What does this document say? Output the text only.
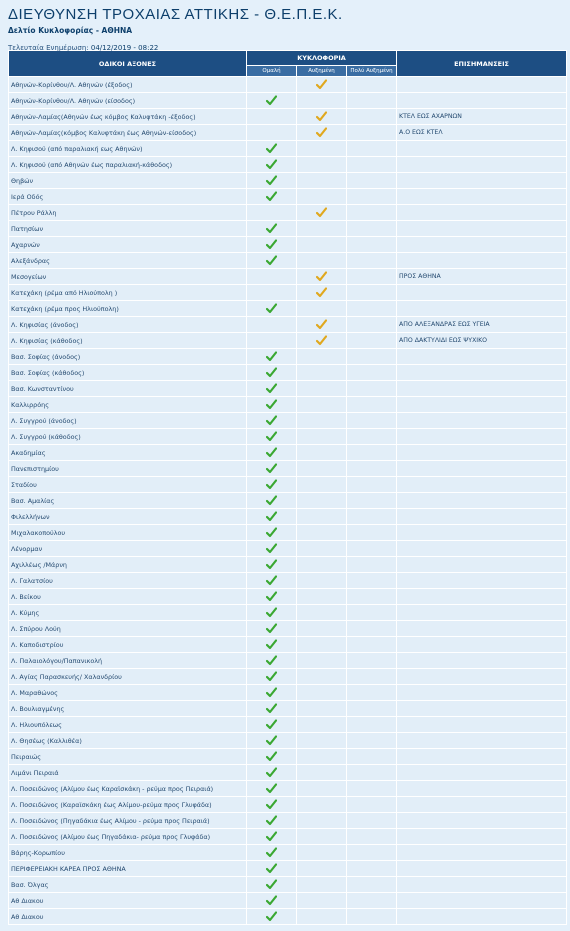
ΔΙΕΥΘΥΝΣΗ ΤΡΟΧΑΙΑΣ ΑΤΤΙΚΗΣ - Θ.Ε.Π.Ε.Κ.
Δελτίο Κυκλοφορίας - ΑΘΗΝΑ
Τελευταία Ενημέρωση: 04/12/2019 - 08:22
ΟΔΙΚΟΙ ΑΞΟΝΕΣ	ΚΥΚΛΟΦΟΡΙΑ			ΕΠΙΣΗΜΑΝΣΕΙΣ
	Ομαλή	Αυξημένη	Πολύ Αυξημένη	
Αθηνών-Κορίνθου/Λ. Αθηνών (έξοδος)				
Αθηνών-Κορίνθου/Λ. Αθηνών (είσοδος)				
Αθηνών-Λαμίας(Αθηνών έως κόμβος Καλυφτάκη -έξοδος)				ΚΤΕΛ ΕΩΣ ΑΧΑΡΝΩΝ
Αθηνών-Λαμίας(κόμβος Καλυφτάκη έως Αθηνών-είσοδος)				Α.Ο ΕΩΣ ΚΤΕΛ
Λ. Κηφισού (από παραλιακή εως Αθηνών)				
Λ. Κηφισού (από Αθηνών έως παραλιακή-κάθοδος)				
Θηβών				
Ιερά Οδός				
Πέτρου Ράλλη				
Πατησίων				
Αχαρνών				
Αλεξάνδρας				
Μεσογείων				ΠΡΟΣ ΑΘΗΝΑ
Κατεχάκη (ρέμα από Ηλιούπολη )				
Κατεχάκη (ρέμα προς Ηλιούπολη)				
Λ. Κηφισίας (άνοδος)				ΑΠΟ ΑΛΕΞΑΝΔΡΑΣ ΕΩΣ ΥΓΕΙΑ
Λ. Κηφισίας (κάθοδος)				ΑΠΟ ΔΑΚΤΥΛΙΔΙ ΕΩΣ ΨΥΧΙΚΟ
Βασ. Σοφίας (άνοδος)				
Βασ. Σοφίας (κάθοδος)				
Βασ. Κωνσταντίνου				
Καλλιρρόης				
Λ. Συγγρού (άνοδος)				
Λ. Συγγρού (κάθοδος)				
Ακαδημίας				
Πανεπιστημίου				
Σταδίου				
Βασ. Αμαλίας				
Φιλελλήνων				
Μιχαλακοπούλου				
Λένορμαν				
Αχιλλέως /Μάρνη				
Λ. Γαλατσίου				
Λ. Βείκου				
Λ. Κύμης				
Λ. Σπύρου Λούη				
Λ. Καποδιστρίου				
Λ. Παλαιολόγου/Παπανικολή				
Λ. Αγίας Παρασκευής/ Χαλανδρίου				
Λ. Μαραθώνος				
Λ. Βουλιαγμένης				
Λ. Ηλιουπόλεως				
Λ. Θησέως (Καλλιθέα)				
Πειραιώς				
Λιμάνι Πειραιά				
Λ. Ποσειδώνος (Αλίμου έως Καραϊσκάκη - ρεύμα προς Πειραιά)				
Λ. Ποσειδώνος (Καραϊσκάκη έως Αλίμου-ρεύμα προς Γλυφάδα)				
Λ. Ποσειδώνος (Πηγαδάκια έως Αλίμου - ρεύμα προς Πειραιά)				
Λ. Ποσειδώνος (Αλίμου έως Πηγαδάκια- ρεύμα προς Γλυφάδα)				
Βάρης-Κορωπίου				
ΠΕΡΙΦΕΡΕΙΑΚΗ ΚΑΡΕΑ ΠΡΟΣ ΑΘΗΝΑ				
Βασ. Όλγας				
Αθ Διακου				
Αθ Διακου				
